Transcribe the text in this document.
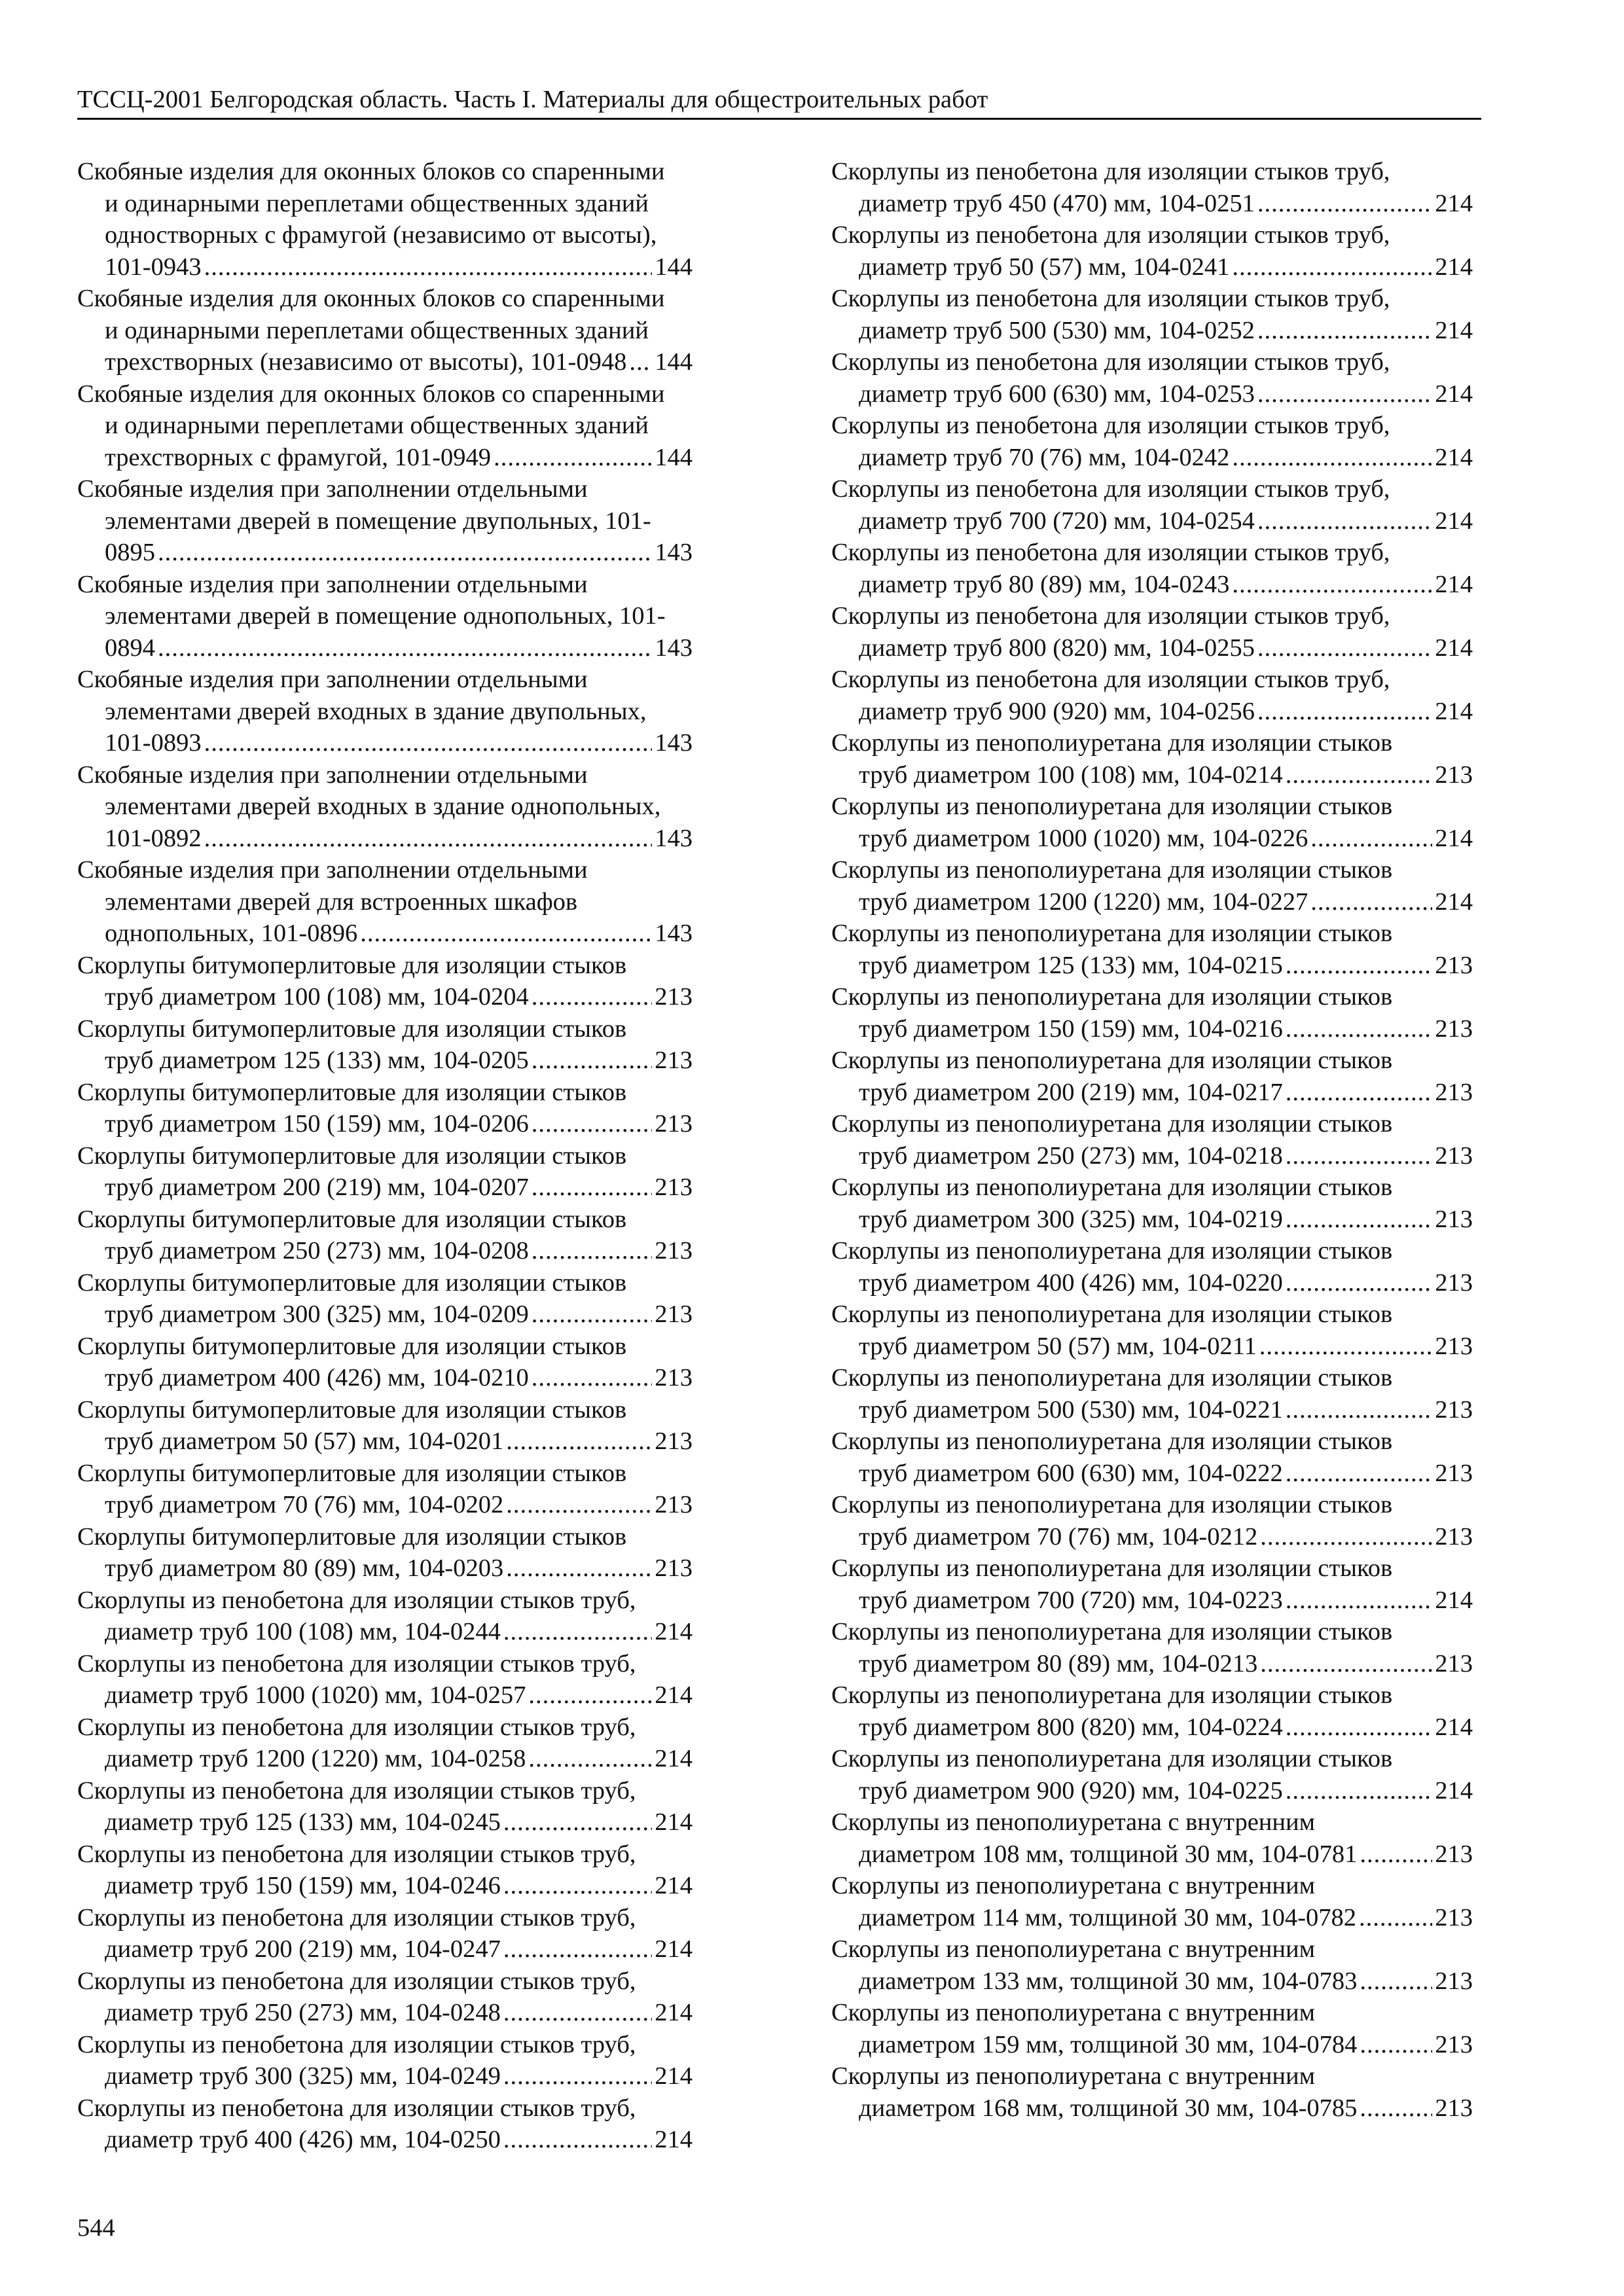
ТССЦ-2001 Белгородская область. Часть I. Материалы для общестроительных работ
Скобяные изделия для оконных блоков со спаренными
и одинарными переплетами общественных зданий
одностворных с фрамугой (независимо от высоты),
101-0943 .....	144
Скобяные изделия для оконных блоков со спаренными
и одинарными переплетами общественных зданий
трехстворных (независимо от высоты), 101-0948 ..... 144
Скобяные изделия для оконных блоков со спаренными
и одинарными переплетами общественных зданий
трехстворных с фрамугой, 101-0949 .....	144
Скобяные изделия при заполнении отдельными
элементами дверей в помещение двупольных, 101-
0895 .....	143
Скобяные изделия при заполнении отдельными
элементами дверей в помещение однопольных, 101-
0894 .....	143
Скобяные изделия при заполнении отдельными
элементами дверей входных в здание двупольных,
101-0893 .....	143
Скобяные изделия при заполнении отдельными
элементами дверей входных в здание однопольных,
101-0892 .....	143
Скобяные изделия при заполнении отдельными
элементами дверей для встроенных шкафов
однопольных, 101-0896 .....	143
Скорлупы битумоперлитовые для изоляции стыков
труб диаметром 100 (108) мм, 104-0204 .....	213
Скорлупы битумоперлитовые для изоляции стыков
труб диаметром 125 (133) мм, 104-0205 .....	213
Скорлупы битумоперлитовые для изоляции стыков
труб диаметром 150 (159) мм, 104-0206 .....	213
Скорлупы битумоперлитовые для изоляции стыков
труб диаметром 200 (219) мм, 104-0207 .....	213
Скорлупы битумоперлитовые для изоляции стыков
труб диаметром 250 (273) мм, 104-0208 .....	213
Скорлупы битумоперлитовые для изоляции стыков
труб диаметром 300 (325) мм, 104-0209 .....	213
Скорлупы битумоперлитовые для изоляции стыков
труб диаметром 400 (426) мм, 104-0210 .....	213
Скорлупы битумоперлитовые для изоляции стыков
труб диаметром 50 (57) мм, 104-0201 .....	213
Скорлупы битумоперлитовые для изоляции стыков
труб диаметром 70 (76) мм, 104-0202 .....	213
Скорлупы битумоперлитовые для изоляции стыков
труб диаметром 80 (89) мм, 104-0203 .....	213
Скорлупы из пенобетона для изоляции стыков труб,
диаметр труб 100 (108) мм, 104-0244 .....	214
Скорлупы из пенобетона для изоляции стыков труб,
диаметр труб 1000 (1020) мм, 104-0257 .....	214
Скорлупы из пенобетона для изоляции стыков труб,
диаметр труб 1200 (1220) мм, 104-0258 .....	214
Скорлупы из пенобетона для изоляции стыков труб,
диаметр труб 125 (133) мм, 104-0245 .....	214
Скорлупы из пенобетона для изоляции стыков труб,
диаметр труб 150 (159) мм, 104-0246 .....	214
Скорлупы из пенобетона для изоляции стыков труб,
диаметр труб 200 (219) мм, 104-0247 .....	214
Скорлупы из пенобетона для изоляции стыков труб,
диаметр труб 250 (273) мм, 104-0248 .....	214
Скорлупы из пенобетона для изоляции стыков труб,
диаметр труб 300 (325) мм, 104-0249 .....	214
Скорлупы из пенобетона для изоляции стыков труб,
диаметр труб 400 (426) мм, 104-0250 .....	214
Скорлупы из пенобетона для изоляции стыков труб,
диаметр труб 450 (470) мм, 104-0251 .....	214
Скорлупы из пенобетона для изоляции стыков труб,
диаметр труб 50 (57) мм, 104-0241 .....	214
Скорлупы из пенобетона для изоляции стыков труб,
диаметр труб 500 (530) мм, 104-0252 .....	214
Скорлупы из пенобетона для изоляции стыков труб,
диаметр труб 600 (630) мм, 104-0253 .....	214
Скорлупы из пенобетона для изоляции стыков труб,
диаметр труб 70 (76) мм, 104-0242 .....	214
Скорлупы из пенобетона для изоляции стыков труб,
диаметр труб 700 (720) мм, 104-0254 .....	214
Скорлупы из пенобетона для изоляции стыков труб,
диаметр труб 80 (89) мм, 104-0243 .....	214
Скорлупы из пенобетона для изоляции стыков труб,
диаметр труб 800 (820) мм, 104-0255 .....	214
Скорлупы из пенобетона для изоляции стыков труб,
диаметр труб 900 (920) мм, 104-0256 .....	214
Скорлупы из пенополиуретана для изоляции стыков
труб диаметром 100 (108) мм, 104-0214 .....	213
Скорлупы из пенополиуретана для изоляции стыков
труб диаметром 1000 (1020) мм, 104-0226 .....	214
Скорлупы из пенополиуретана для изоляции стыков
труб диаметром 1200 (1220) мм, 104-0227 .....	214
Скорлупы из пенополиуретана для изоляции стыков
труб диаметром 125 (133) мм, 104-0215 .....	213
Скорлупы из пенополиуретана для изоляции стыков
труб диаметром 150 (159) мм, 104-0216 .....	213
Скорлупы из пенополиуретана для изоляции стыков
труб диаметром 200 (219) мм, 104-0217 .....	213
Скорлупы из пенополиуретана для изоляции стыков
труб диаметром 250 (273) мм, 104-0218 .....	213
Скорлупы из пенополиуретана для изоляции стыков
труб диаметром 300 (325) мм, 104-0219 .....	213
Скорлупы из пенополиуретана для изоляции стыков
труб диаметром 400 (426) мм, 104-0220 .....	213
Скорлупы из пенополиуретана для изоляции стыков
труб диаметром 50 (57) мм, 104-0211 .....	213
Скорлупы из пенополиуретана для изоляции стыков
труб диаметром 500 (530) мм, 104-0221 .....	213
Скорлупы из пенополиуретана для изоляции стыков
труб диаметром 600 (630) мм, 104-0222 .....	213
Скорлупы из пенополиуретана для изоляции стыков
труб диаметром 70 (76) мм, 104-0212 .....	213
Скорлупы из пенополиуретана для изоляции стыков
труб диаметром 700 (720) мм, 104-0223 .....	214
Скорлупы из пенополиуретана для изоляции стыков
труб диаметром 80 (89) мм, 104-0213 .....	213
Скорлупы из пенополиуретана для изоляции стыков
труб диаметром 800 (820) мм, 104-0224 .....	214
Скорлупы из пенополиуретана для изоляции стыков
труб диаметром 900 (920) мм, 104-0225 .....	214
Скорлупы из пенополиуретана с внутренним
диаметром 108 мм, толщиной 30 мм, 104-0781 .....	213
Скорлупы из пенополиуретана с внутренним
диаметром 114 мм, толщиной 30 мм, 104-0782 .....	213
Скорлупы из пенополиуретана с внутренним
диаметром 133 мм, толщиной 30 мм, 104-0783 .....	213
Скорлупы из пенополиуретана с внутренним
диаметром 159 мм, толщиной 30 мм, 104-0784 .....	213
Скорлупы из пенополиуретана с внутренним
диаметром 168 мм, толщиной 30 мм, 104-0785 .....	213
544
